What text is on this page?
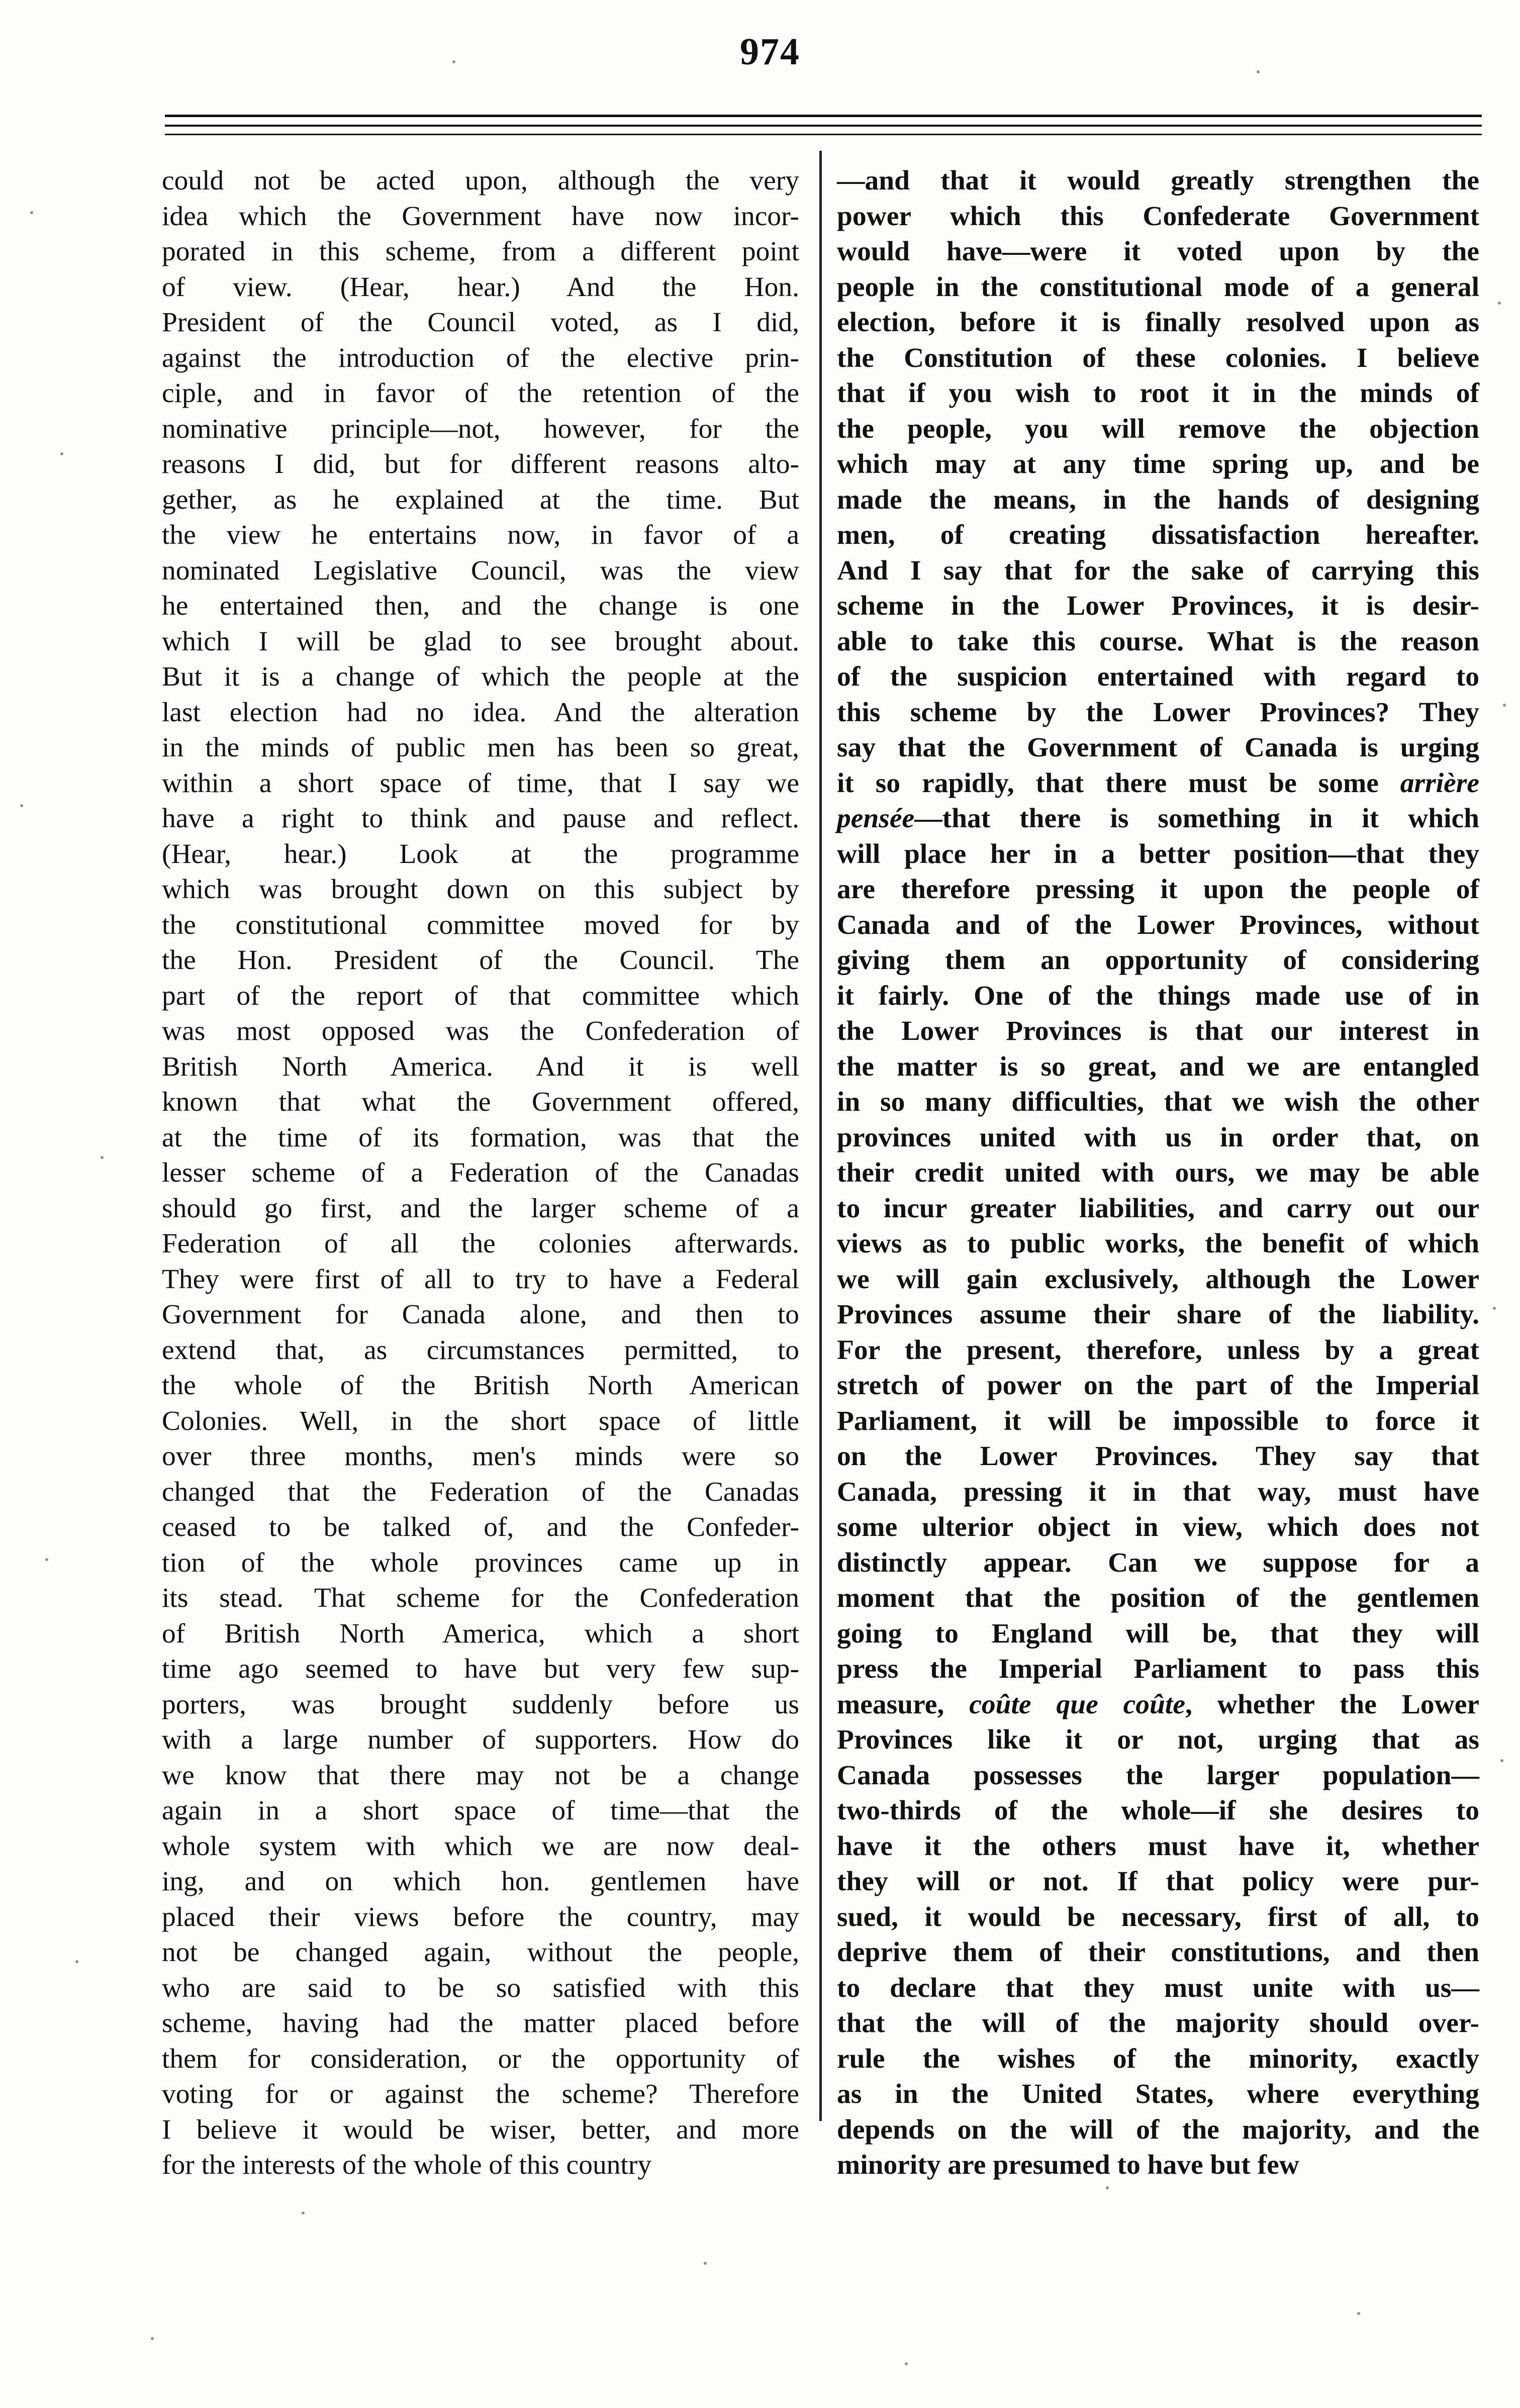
974
could not be acted upon, although the very
idea which the Government have now incor-
porated in this scheme, from a different point
of view. (Hear, hear.) And the Hon.
President of the Council voted, as I did,
against the introduction of the elective prin-
ciple, and in favor of the retention of the
nominative principle—not, however, for the
reasons I did, but for different reasons alto-
gether, as he explained at the time. But
the view he entertains now, in favor of a
nominated Legislative Council, was the view
he entertained then, and the change is one
which I will be glad to see brought about.
But it is a change of which the people at the
last election had no idea. And the alteration
in the minds of public men has been so great,
within a short space of time, that I say we
have a right to think and pause and reflect.
(Hear, hear.) Look at the programme
which was brought down on this subject by
the constitutional committee moved for by
the Hon. President of the Council. The
part of the report of that committee which
was most opposed was the Confederation of
British North America. And it is well
known that what the Government offered,
at the time of its formation, was that the
lesser scheme of a Federation of the Canadas
should go first, and the larger scheme of a
Federation of all the colonies afterwards.
They were first of all to try to have a Federal
Government for Canada alone, and then to
extend that, as circumstances permitted, to
the whole of the British North American
Colonies. Well, in the short space of little
over three months, men's minds were so
changed that the Federation of the Canadas
ceased to be talked of, and the Confeder-
tion of the whole provinces came up in
its stead. That scheme for the Confederation
of British North America, which a short
time ago seemed to have but very few sup-
porters, was brought suddenly before us
with a large number of supporters. How do
we know that there may not be a change
again in a short space of time—that the
whole system with which we are now deal-
ing, and on which hon. gentlemen have
placed their views before the country, may
not be changed again, without the people,
who are said to be so satisfied with this
scheme, having had the matter placed before
them for consideration, or the opportunity of
voting for or against the scheme? Therefore
I believe it would be wiser, better, and more
for the interests of the whole of this country
—and that it would greatly strengthen the
power which this Confederate Government
would have—were it voted upon by the
people in the constitutional mode of a general
election, before it is finally resolved upon as
the Constitution of these colonies. I believe
that if you wish to root it in the minds of
the people, you will remove the objection
which may at any time spring up, and be
made the means, in the hands of designing
men, of creating dissatisfaction hereafter.
And I say that for the sake of carrying this
scheme in the Lower Provinces, it is desir-
able to take this course. What is the reason
of the suspicion entertained with regard to
this scheme by the Lower Provinces? They
say that the Government of Canada is urging
it so rapidly, that there must be some arrière
pensée—that there is something in it which
will place her in a better position—that they
are therefore pressing it upon the people of
Canada and of the Lower Provinces, without
giving them an opportunity of considering
it fairly. One of the things made use of in
the Lower Provinces is that our interest in
the matter is so great, and we are entangled
in so many difficulties, that we wish the other
provinces united with us in order that, on
their credit united with ours, we may be able
to incur greater liabilities, and carry out our
views as to public works, the benefit of which
we will gain exclusively, although the Lower
Provinces assume their share of the liability.
For the present, therefore, unless by a great
stretch of power on the part of the Imperial
Parliament, it will be impossible to force it
on the Lower Provinces. They say that
Canada, pressing it in that way, must have
some ulterior object in view, which does not
distinctly appear. Can we suppose for a
moment that the position of the gentlemen
going to England will be, that they will
press the Imperial Parliament to pass this
measure, coûte que coûte, whether the Lower
Provinces like it or not, urging that as
Canada possesses the larger population—
two-thirds of the whole—if she desires to
have it the others must have it, whether
they will or not. If that policy were pur-
sued, it would be necessary, first of all, to
deprive them of their constitutions, and then
to declare that they must unite with us—
that the will of the majority should over-
rule the wishes of the minority, exactly
as in the United States, where everything
depends on the will of the majority, and the
minority are presumed to have but few
